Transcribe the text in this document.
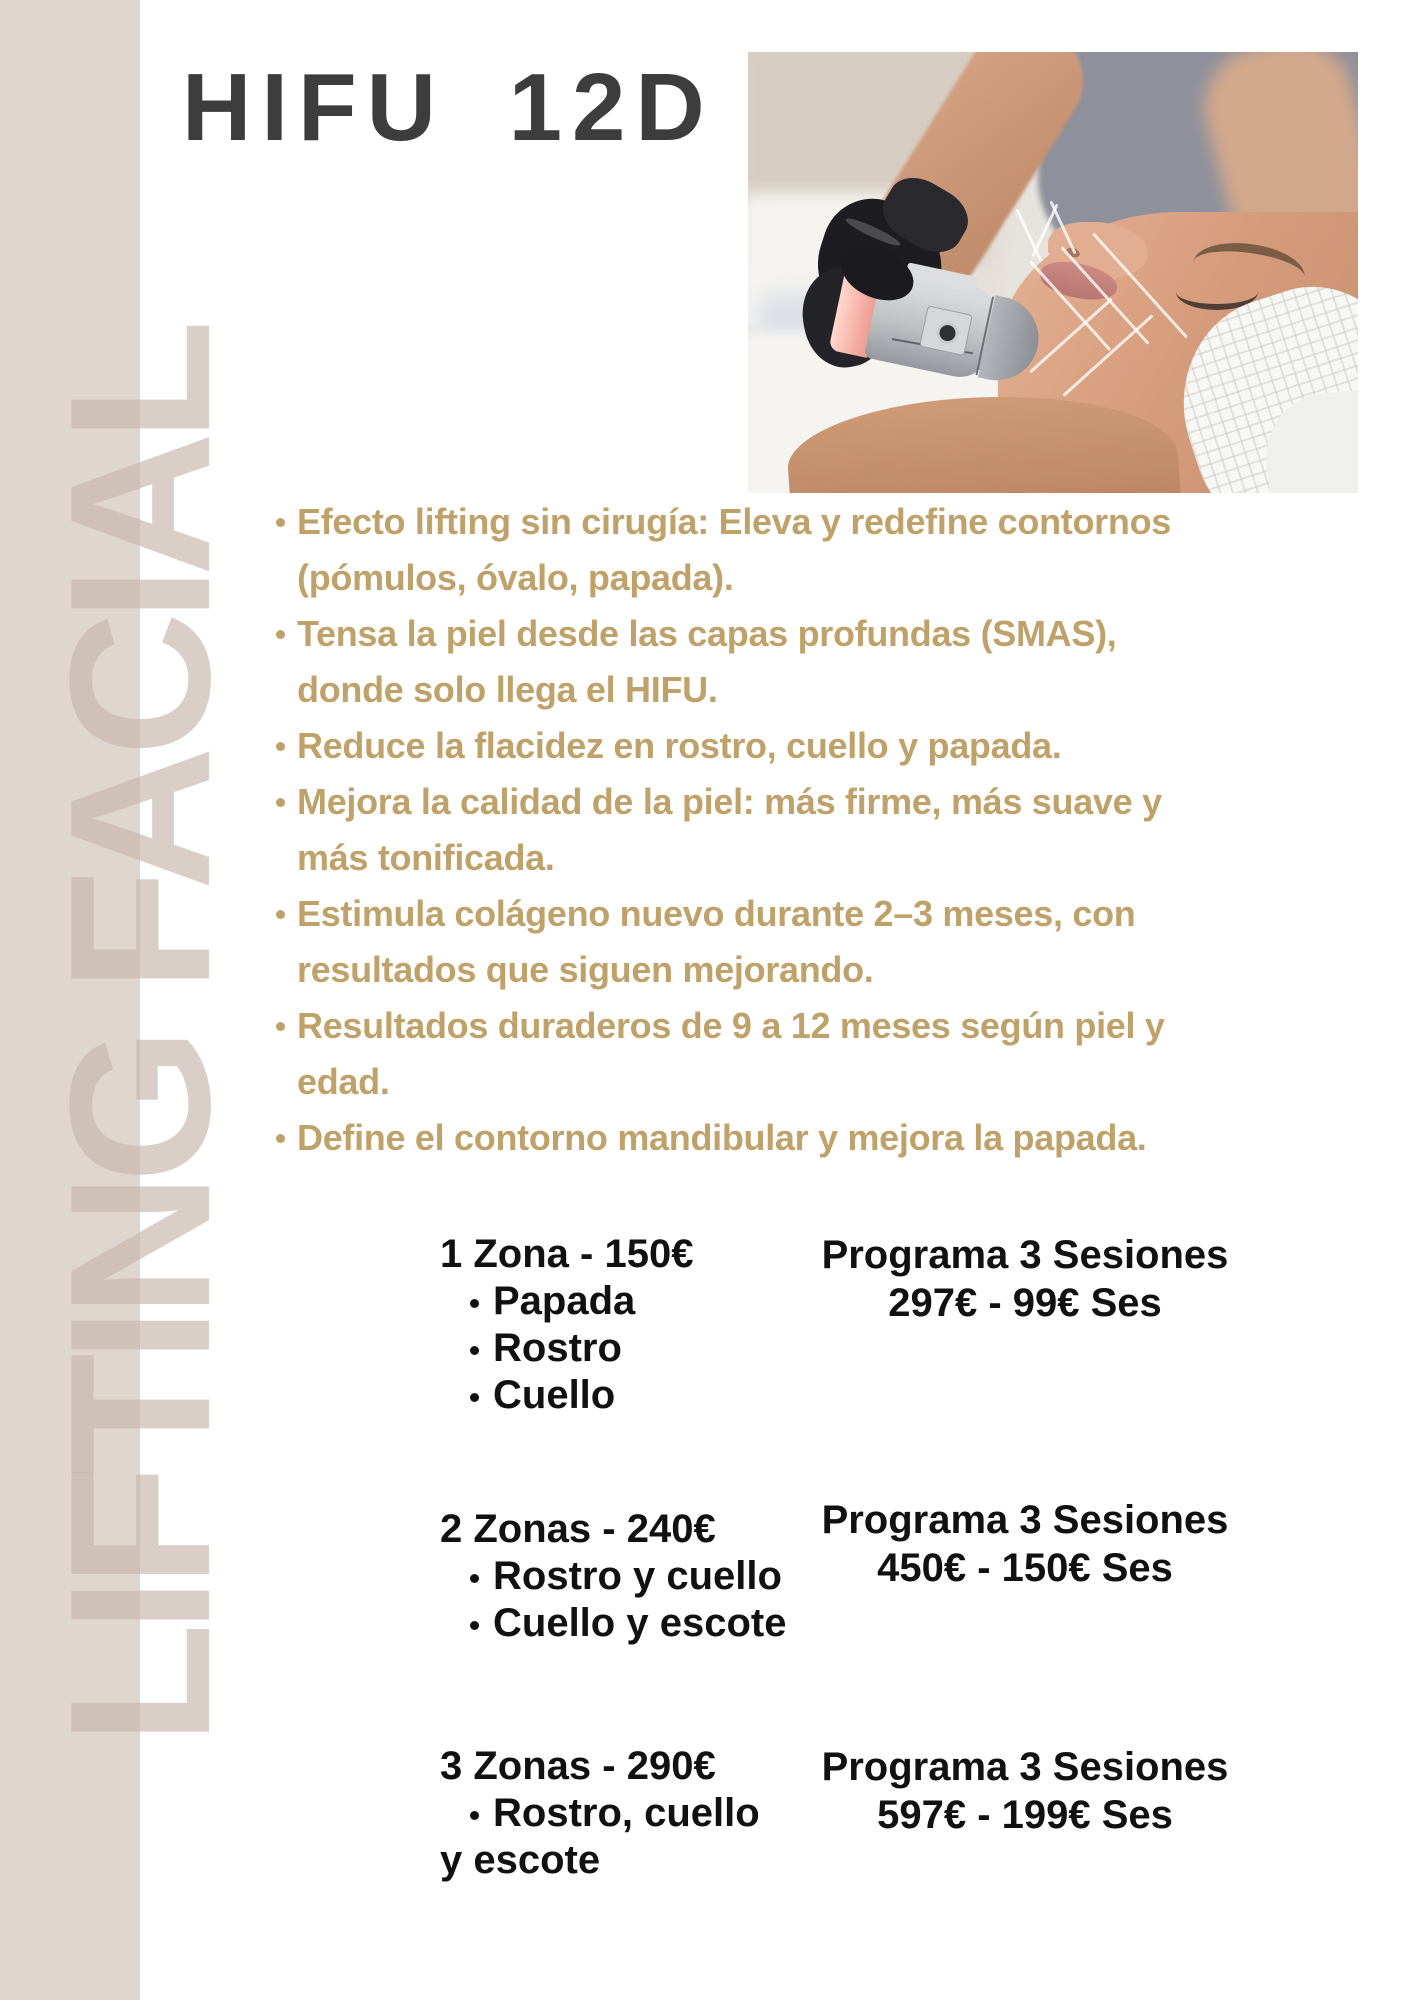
LIFTING FACIAL
HIFU 12D
Efecto lifting sin cirugía: Eleva y redefine contornos
(pómulos, óvalo, papada).
Tensa la piel desde las capas profundas (SMAS),
donde solo llega el HIFU.
Reduce la flacidez en rostro, cuello y papada.
Mejora la calidad de la piel: más firme, más suave y
más tonificada.
Estimula colágeno nuevo durante 2–3 meses, con
resultados que siguen mejorando.
Resultados duraderos de 9 a 12 meses según piel y
edad.
Define el contorno mandibular y mejora la papada.
1 Zona - 150€
Papada
Rostro
Cuello
Programa 3 Sesiones
297€ - 99€ Ses
2 Zonas - 240€
Rostro y cuello
Cuello y escote
Programa 3 Sesiones
450€ - 150€ Ses
3 Zonas - 290€
Rostro, cuello
y escote
Programa 3 Sesiones
597€ - 199€ Ses
